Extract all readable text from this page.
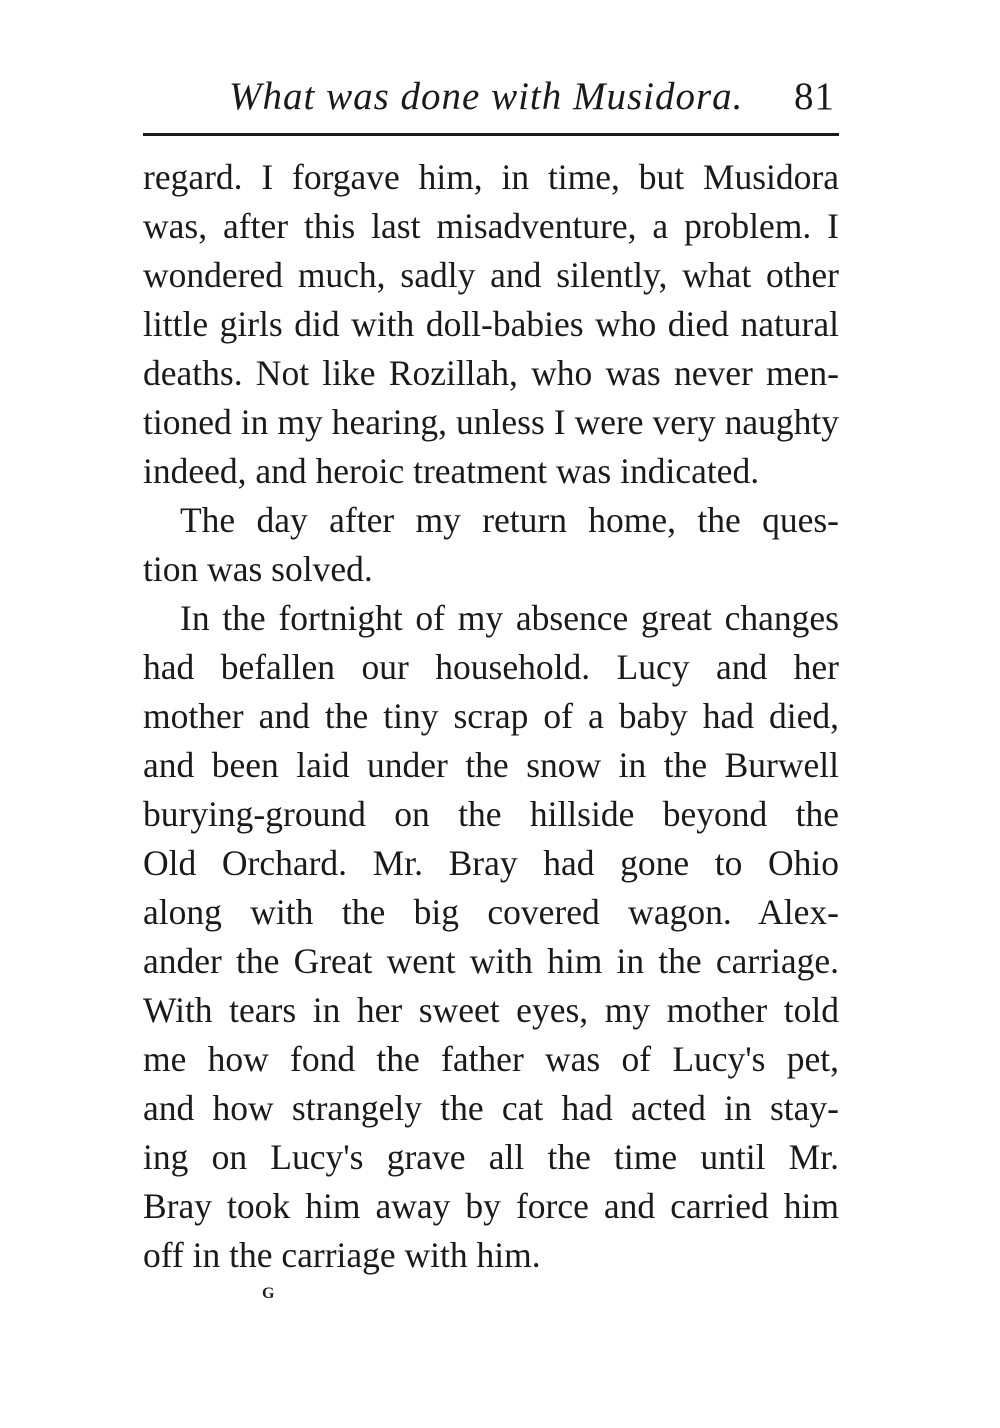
What was done with Musidora. 81
regard. I forgave him, in time, but Musidora
was, after this last misadventure, a problem. I
wondered much, sadly and silently, what other
little girls did with doll-babies who died natural
deaths. Not like Rozillah, who was never men-
tioned in my hearing, unless I were very naughty
indeed, and heroic treatment was indicated.
The day after my return home, the ques-
tion was solved.
In the fortnight of my absence great changes
had befallen our household. Lucy and her
mother and the tiny scrap of a baby had died,
and been laid under the snow in the Burwell
burying-ground on the hillside beyond the
Old Orchard. Mr. Bray had gone to Ohio
along with the big covered wagon. Alex-
ander the Great went with him in the carriage.
With tears in her sweet eyes, my mother told
me how fond the father was of Lucy's pet,
and how strangely the cat had acted in stay-
ing on Lucy's grave all the time until Mr.
Bray took him away by force and carried him
off in the carriage with him.
G
